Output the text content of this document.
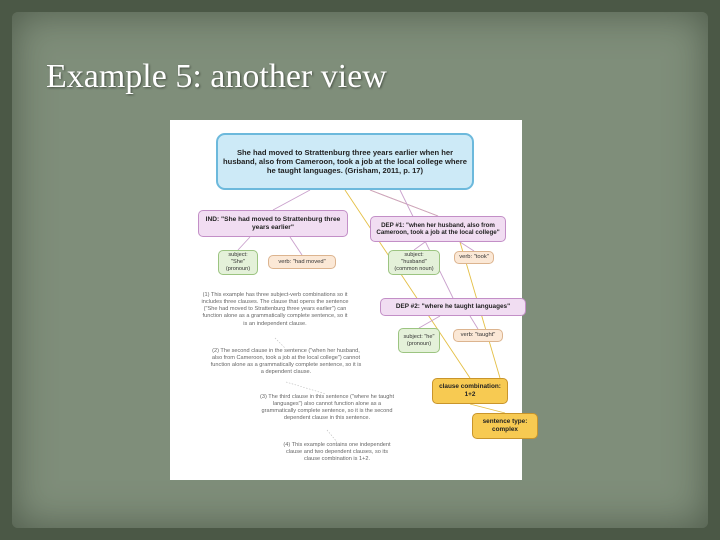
Example 5: another view
She had moved to Strattenburg three years earlier when her husband, also from Cameroon, took a job at the local college where he taught languages. (Grisham, 2011, p. 17)
IND: "She had moved to Strattenburg three years earlier"	DEP #1: "when her husband, also from Cameroon, took a job at the local college"
subject: "She" (pronoun)
verb: "had moved"
subject: "husband" (common noun)
verb: "took"
DEP #2: "where he taught languages"
subject: "he" (pronoun)
verb: "taught"
clause combination: 1+2
sentence type: complex
(1) This example has three subject-verb combinations so it includes three clauses. The clause that opens the sentence ("She had moved to Strattenburg three years earlier") can function alone as a grammatically complete sentence, so it is an independent clause.
(2) The second clause in the sentence ("when her husband, also from Cameroon, took a job at the local college") cannot function alone as a grammatically complete sentence, so it is a dependent clause.
(3) The third clause in this sentence ("where he taught languages") also cannot function alone as a grammatically complete sentence, so it is the second dependent clause in this sentence.
(4) This example contains one independent clause and two dependent clauses, so its clause combination is 1+2.
